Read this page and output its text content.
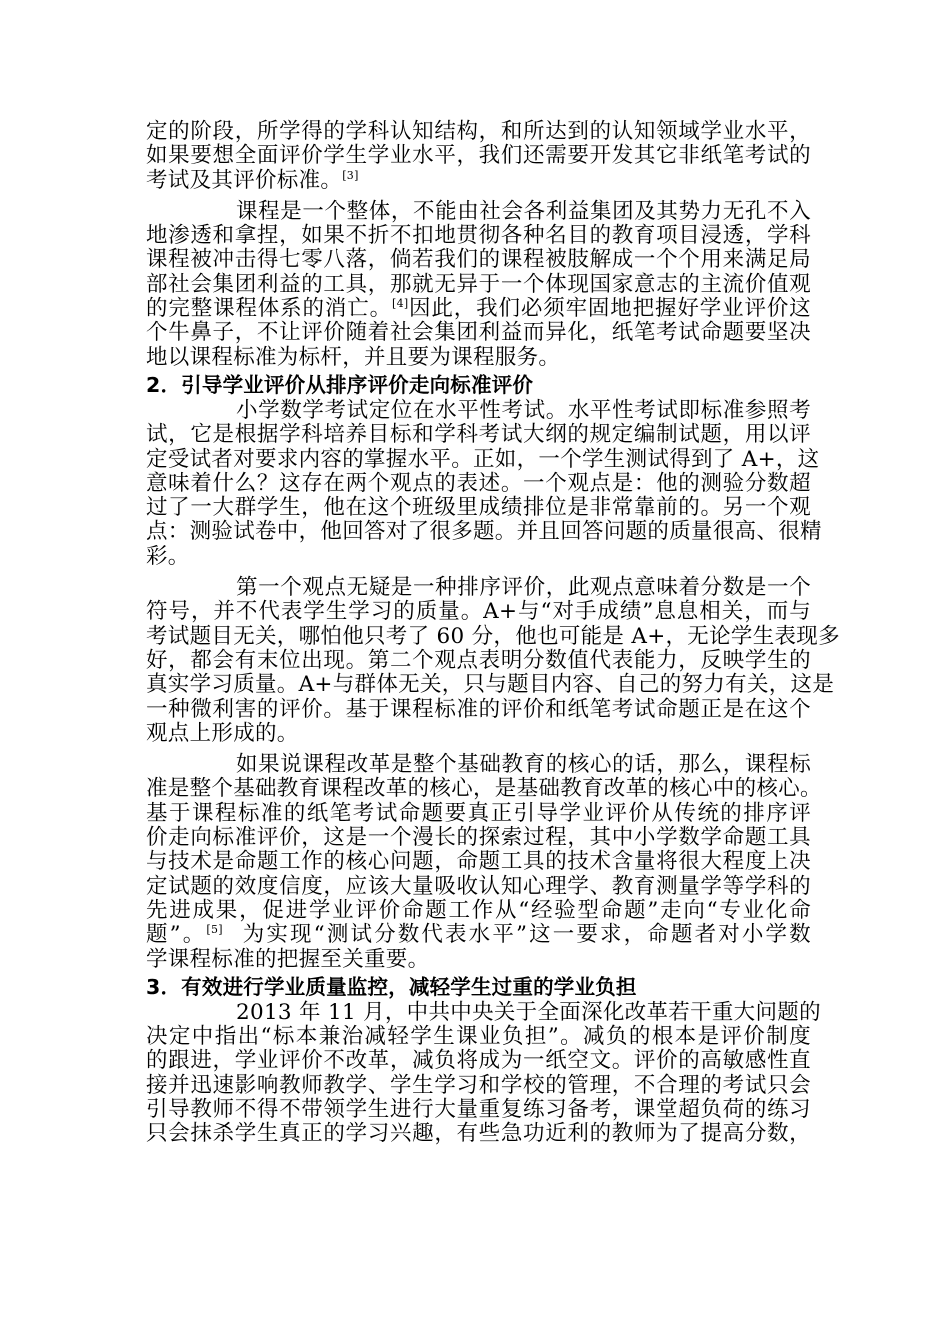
定的阶段，所学得的学科认知结构，和所达到的认知领域学业水平，

如果要想全面评价学生学业水平，我们还需要开发其它非纸笔考试的

考试及其评价标准。[3]

课程是一个整体，不能由社会各利益集团及其势力无孔不入

地渗透和拿捏，如果不折不扣地贯彻各种名目的教育项目浸透，学科

课程被冲击得七零八落，倘若我们的课程被肢解成一个个用来满足局

部社会集团利益的工具，那就无异于一个体现国家意志的主流价值观

的完整课程体系的消亡。[4]因此，我们必须牢固地把握好学业评价这

个牛鼻子，不让评价随着社会集团利益而异化，纸笔考试命题要坚决

地以课程标准为标杆，并且要为课程服务。

2．引导学业评价从排序评价走向标准评价

小学数学考试定位在水平性考试。水平性考试即标准参照考

试，它是根据学科培养目标和学科考试大纲的规定编制试题，用以评

定受试者对要求内容的掌握水平。正如，一个学生测试得到了 A+，这

意味着什么？这存在两个观点的表述。一个观点是：他的测验分数超

过了一大群学生，他在这个班级里成绩排位是非常靠前的。另一个观

点：测验试卷中，他回答对了很多题。并且回答问题的质量很高、很精

彩。

第一个观点无疑是一种排序评价，此观点意味着分数是一个

符号，并不代表学生学习的质量。A+与“对手成绩”息息相关，而与

考试题目无关，哪怕他只考了 60 分，他也可能是 A+，无论学生表现多

好，都会有末位出现。第二个观点表明分数值代表能力，反映学生的

真实学习质量。A+与群体无关，只与题目内容、自己的努力有关，这是

一种微利害的评价。基于课程标准的评价和纸笔考试命题正是在这个

观点上形成的。

如果说课程改革是整个基础教育的核心的话，那么，课程标

准是整个基础教育课程改革的核心，是基础教育改革的核心中的核心。

基于课程标准的纸笔考试命题要真正引导学业评价从传统的排序评

价走向标准评价，这是一个漫长的探索过程，其中小学数学命题工具

与技术是命题工作的核心问题，命题工具的技术含量将很大程度上决

定试题的效度信度，应该大量吸收认知心理学、教育测量学等学科的

先进成果，促进学业评价命题工作从“经验型命题”走向“专业化命

题”。[5] 为实现“测试分数代表水平”这一要求，命题者对小学数

学课程标准的把握至关重要。

3．有效进行学业质量监控，减轻学生过重的学业负担

2013 年 11 月，中共中央关于全面深化改革若干重大问题的

决定中指出“标本兼治减轻学生课业负担”。减负的根本是评价制度

的跟进，学业评价不改革，减负将成为一纸空文。评价的高敏感性直

接并迅速影响教师教学、学生学习和学校的管理，不合理的考试只会

引导教师不得不带领学生进行大量重复练习备考，课堂超负荷的练习

只会抹杀学生真正的学习兴趣，有些急功近利的教师为了提高分数，
